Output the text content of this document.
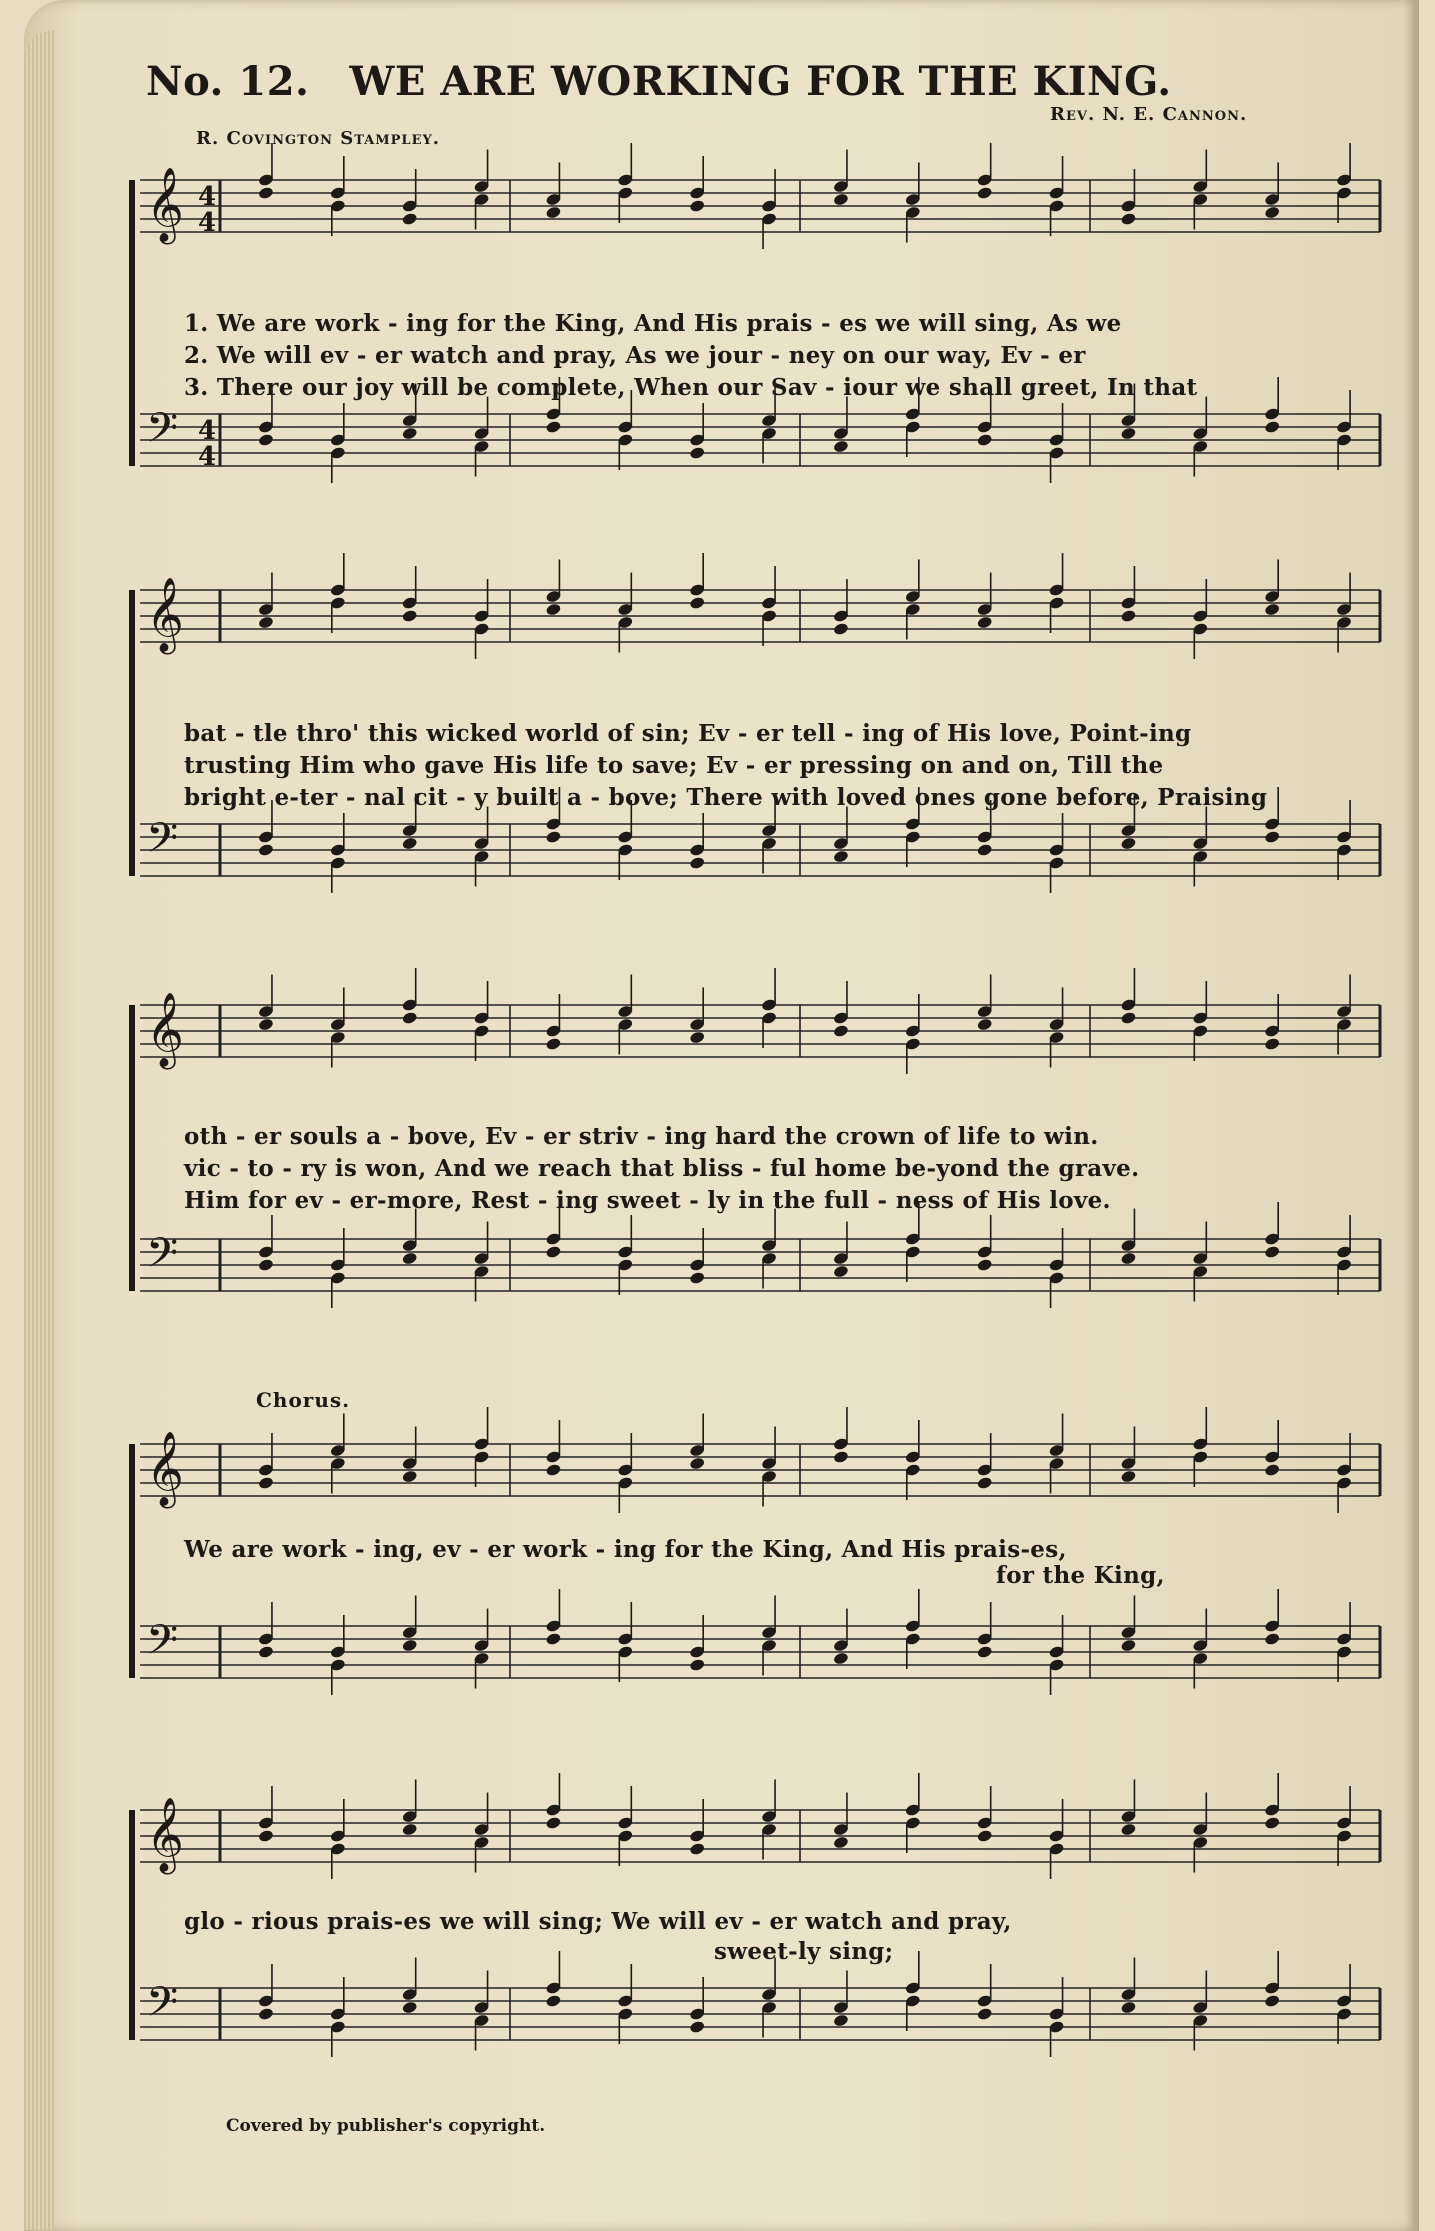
No. 12. WE ARE WORKING FOR THE KING.
Rev. N. E. Cannon.
R. Covington Stampley.
𝄞
𝄢
4
4
4
4
1. We are work - ing for the King, And His prais - es we will sing, As we
2. We will ev - er watch and pray, As we jour - ney on our way, Ev - er
3. There our joy will be complete, When our Sav - iour we shall greet, In that
𝄞
𝄢
bat - tle thro' this wicked world of sin; Ev - er tell - ing of His love, Point-ing
trusting Him who gave His life to save; Ev - er pressing on and on, Till the
bright e-ter - nal cit - y built a - bove; There with loved ones gone before, Praising
𝄞
𝄢
oth - er souls a - bove, Ev - er striv - ing hard the crown of life to win.
vic - to - ry is won, And we reach that bliss - ful home be-yond the grave.
Him for ev - er-more, Rest - ing sweet - ly in the full - ness of His love.
Chorus.
𝄞
𝄢
We are work - ing, ev - er work - ing for the King, And His prais-es,
for the King,
𝄞
𝄢
glo - rious prais-es we will sing; We will ev - er watch and pray,
sweet-ly sing;
Covered by publisher's copyright.
